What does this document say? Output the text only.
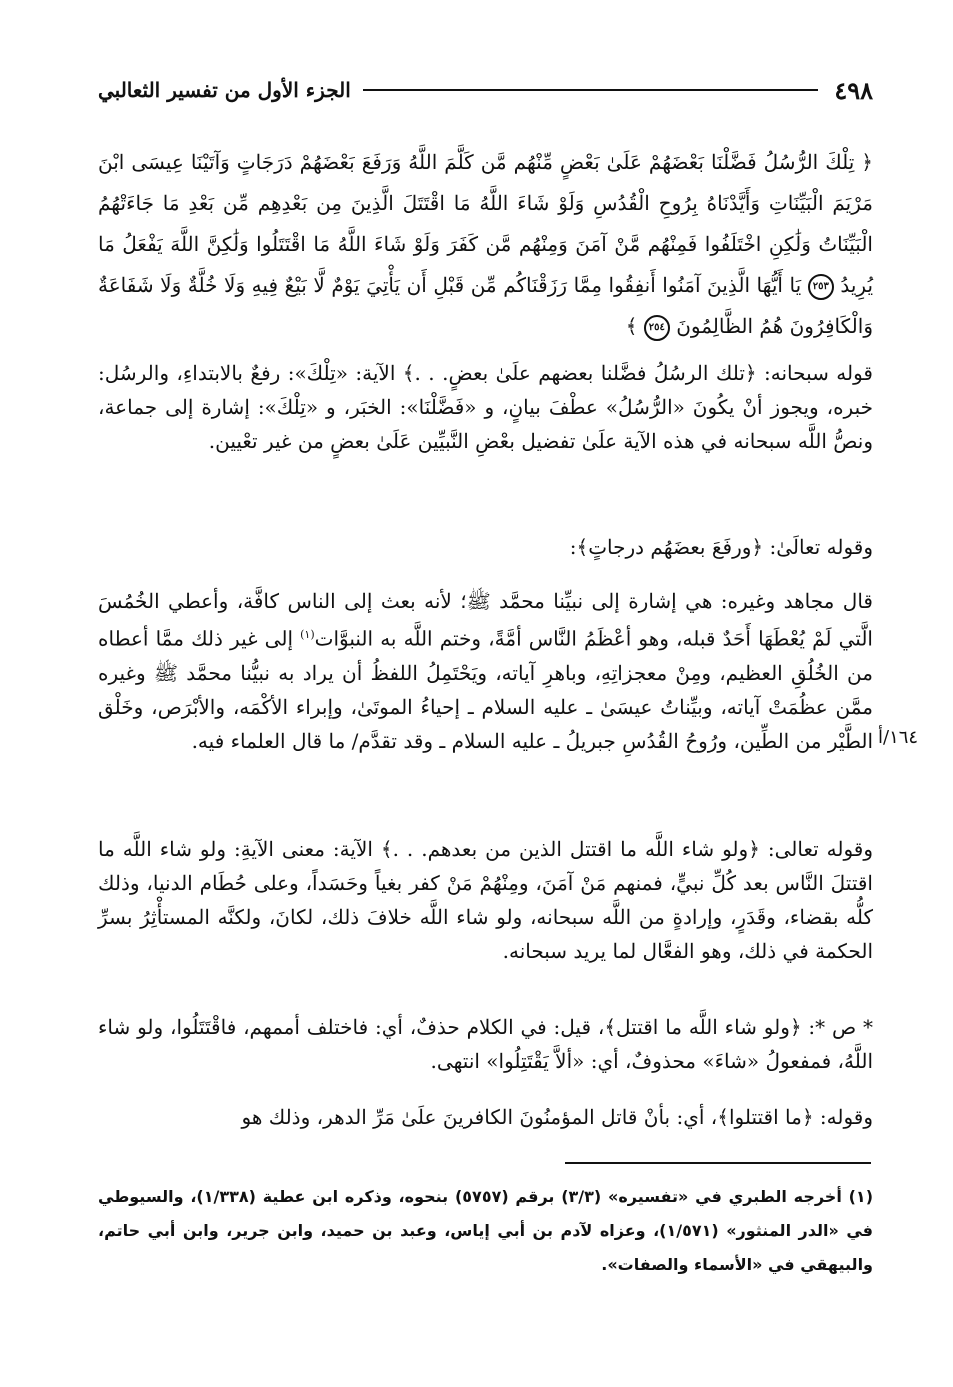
٤٩٨
الجزء الأول من تفسير الثعالبي
﴿ تِلْكَ الرُّسُلُ فَضَّلْنَا بَعْضَهُمْ عَلَىٰ بَعْضٍ مِّنْهُم مَّن كَلَّمَ اللَّهُ وَرَفَعَ بَعْضَهُمْ دَرَجَاتٍ وَآتَيْنَا عِيسَى ابْنَ مَرْيَمَ الْبَيِّنَاتِ وَأَيَّدْنَاهُ بِرُوحِ الْقُدُسِ وَلَوْ شَاءَ اللَّهُ مَا اقْتَتَلَ الَّذِينَ مِن بَعْدِهِم مِّن بَعْدِ مَا جَاءَتْهُمُ الْبَيِّنَاتُ وَلَٰكِنِ اخْتَلَفُوا فَمِنْهُم مَّنْ آمَنَ وَمِنْهُم مَّن كَفَرَ وَلَوْ شَاءَ اللَّهُ مَا اقْتَتَلُوا وَلَٰكِنَّ اللَّهَ يَفْعَلُ مَا يُرِيدُ ٢٥٣ يَا أَيُّهَا الَّذِينَ آمَنُوا أَنفِقُوا مِمَّا رَزَقْنَاكُم مِّن قَبْلِ أَن يَأْتِيَ يَوْمٌ لَّا بَيْعٌ فِيهِ وَلَا خُلَّةٌ وَلَا شَفَاعَةٌ وَالْكَافِرُونَ هُمُ الظَّالِمُونَ ٢٥٤ ﴾

قوله سبحانه: ﴿تلك الرسُلُ فضَّلنا بعضهم علَىٰ بعضٍ. . .﴾ الآية: «تِلْكَ»: رفعٌ بالابتداءِ، والرسُل: خبره، ويجوز أنْ يكُونَ «الرُّسُلُ» عطْفَ بيانٍ، و «فَضَّلْنَا»: الخبَر، و «تِلْكَ»: إشارة إلى جماعة، ونصُّ اللَّه سبحانه في هذه الآية علَىٰ تفضيل بعْضِ النَّبيِّين عَلَىٰ بعضٍ من غير تعْيين.

وقوله تعالَىٰ: ﴿ورفَعَ بعضَهُم درجاتٍ﴾:

قال مجاهد وغيره: هي إشارة إلى نبيِّنا محمَّد ﷺ؛ لأنه بعث إلى الناس كافَّة، وأعطي الخُمُسَ الَّتي لَمْ يُعْطَهَا أَحَدٌ قبله، وهو أعْظَمُ النَّاس أمَّةً، وختم اللَّه به النبوَّات$^{(١)}$ إلى غير ذلك ممَّا أعطاه من الخُلُقِ العظيم، ومِنْ معجزاتِهِ، وباهرِ آياته، ويَحْتَمِلُ اللفظُ أن يراد به نبيُّنا محمَّد ﷺ وغيره ممَّن عظُمَتْ آياته، وبيِّناتُ عيسَىٰ ـ عليه السلام ـ إحياءُ الموتَىٰ، وإبراء الأكْمَه، والأبْرَص، وخَلْق الطَّيْر من الطِّين، ورُوحُ القُدُسِ جبريلُ ـ عليه السلام ـ وقد تقدَّم/ ما قال العلماء فيه. ١٦٤/أ

وقوله تعالى: ﴿ولو شاء اللَّه ما اقتتل الذين من بعدهم. . .﴾ الآية: معنى الآيةِ: ولو شاء اللَّه ما اقتتلَ النَّاس بعد كُلِّ نبيٍّ، فمنهم مَنْ آمَنَ، ومِنْهُمْ مَنْ كفر بغياً وحَسَداً، وعلى حُطَام الدنيا، وذلك كلُّه بقضاء، وقَدَرٍ، وإرادةٍ من اللَّه سبحانه، ولو شاء اللَّه خلافَ ذلك، لكانَ، ولكنَّه المستأْثِرُ بسرِّ الحكمة في ذلك، وهو الفعَّال لما يريد سبحانه.

* ص *: ﴿ولو شاء اللَّه ما اقتتل﴾، قيل: في الكلام حذفٌ، أي: فاختلف أممهم، فاقْتَتَلُوا، ولو شاء اللَّهُ، فمفعولُ «شاءَ» محذوفٌ، أي: «ألاَّ يَقْتَتِلُوا» انتهى.

وقوله: ﴿ما اقتتلوا﴾، أي: بأنْ قاتل المؤمنُونَ الكافرينَ علَىٰ مَرِّ الدهر، وذلك هو

(١) أخرجه الطبري في «تفسيره» (٣/٣) برقم (٥٧٥٧) بنحوه، وذكره ابن عطية (١/٣٣٨)، والسيوطي في «الدر المنثور» (١/٥٧١)، وعزاه لآدم بن أبي إياس، وعبد بن حميد، وابن جرير، وابن أبي حاتم، والبيهقي في «الأسماء والصفات».
